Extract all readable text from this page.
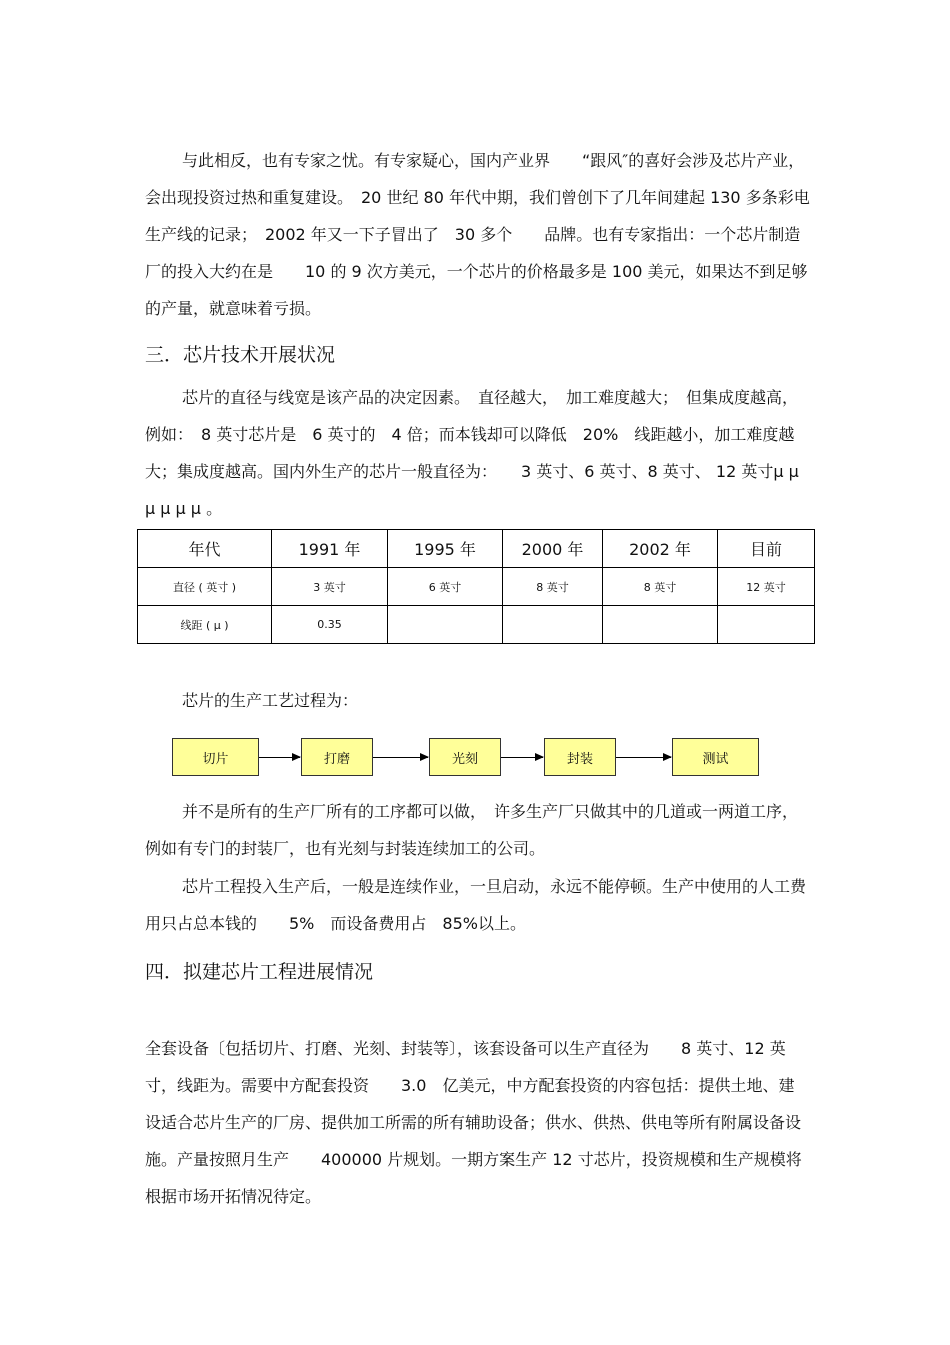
与此相反，也有专家之忧。有专家疑心，国内产业界　　“跟风″的喜好会涉及芯片产业，会出现投资过热和重复建设。　20 世纪 80 年代中期，我们曾创下了几年间建起 130 多条彩电生产线的记录；　2002 年又一下子冒出了　30 多个　　品牌。也有专家指出：一个芯片制造厂的投入大约在是　　10 的 9 次方美元，一个芯片的价格最多是 100 美元，如果达不到足够的产量，就意味着亏损。

三．芯片技术开展状况

芯片的直径与线宽是该产品的决定因素。　直径越大，　加工难度越大；　但集成度越高，例如：　8 英寸芯片是　6 英寸的　4 倍；而本钱却可以降低　20%　线距越小，加工难度越大；集成度越高。国内外生产的芯片一般直径为：　　3 英寸、6 英寸、8 英寸、 12 英寸μ μ μ μ μ μ 。

年代	1991 年	1995 年	2000 年	2002 年	目前
直径 ( 英寸 )	3 英寸	6 英寸	8 英寸	8 英寸	12 英寸
线距 ( μ )	0.35				

芯片的生产工艺过程为：

切片	打磨	光刻	封装	测试

并不是所有的生产厂所有的工序都可以做，　许多生产厂只做其中的几道或一两道工序，例如有专门的封装厂，也有光刻与封装连续加工的公司。

芯片工程投入生产后，一般是连续作业，一旦启动，永远不能停顿。生产中使用的人工费用只占总本钱的　　5%　而设备费用占　85%以上。

四．拟建芯片工程进展情况

全套设备〔包括切片、打磨、光刻、封装等〕，该套设备可以生产直径为　　8 英寸、12 英寸，线距为。需要中方配套投资　　3.0　亿美元，中方配套投资的内容包括：提供土地、建设适合芯片生产的厂房、提供加工所需的所有辅助设备；供水、供热、供电等所有附属设备设施。产量按照月生产　　400000 片规划。一期方案生产 12 寸芯片，投资规模和生产规模将根据市场开拓情况待定。
